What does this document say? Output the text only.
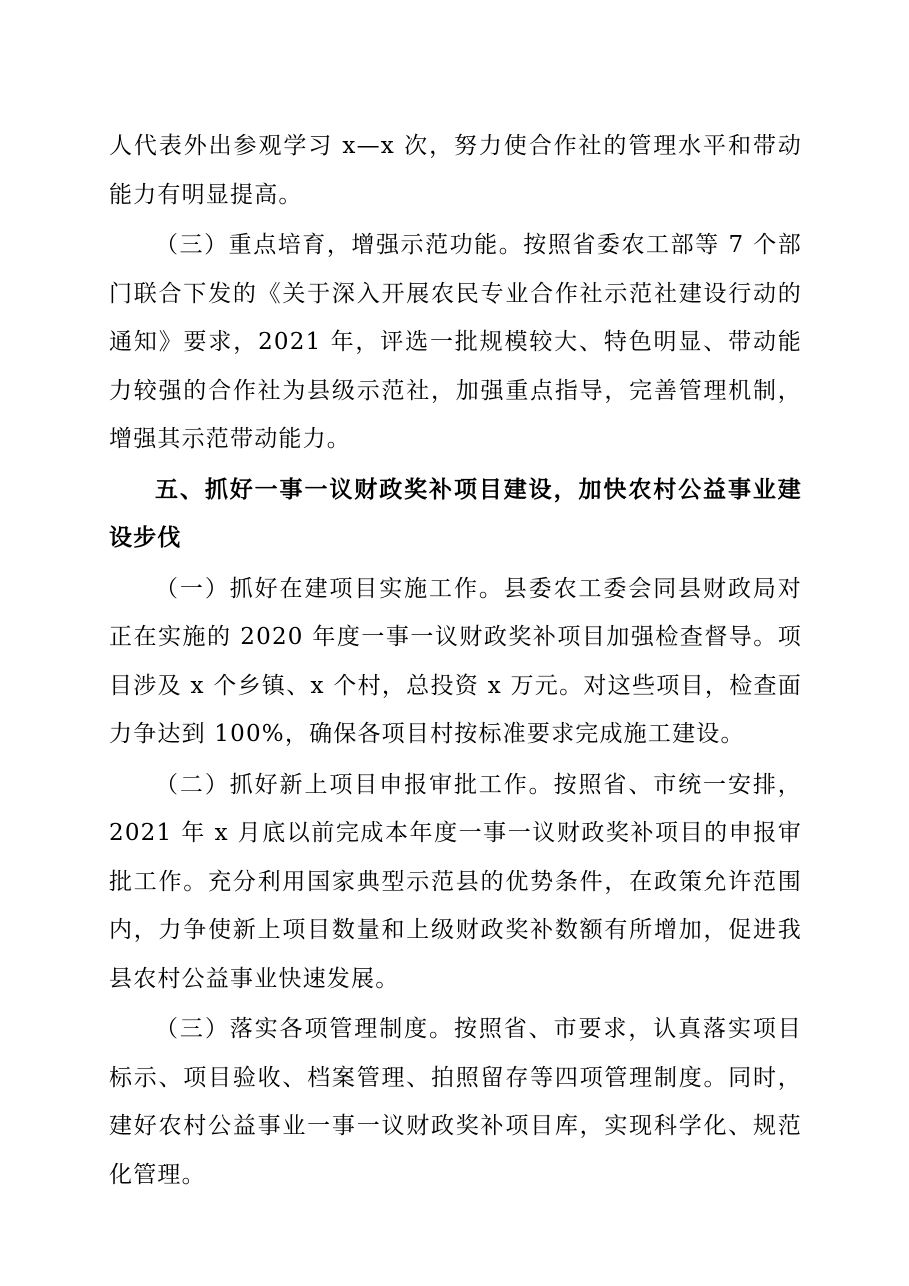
人代表外出参观学习 x—x 次，努力使合作社的管理水平和带动能力有明显提高。

（三）重点培育，增强示范功能。按照省委农工部等 7 个部门联合下发的《关于深入开展农民专业合作社示范社建设行动的通知》要求，2021 年，评选一批规模较大、特色明显、带动能力较强的合作社为县级示范社，加强重点指导，完善管理机制，增强其示范带动能力。

五、抓好一事一议财政奖补项目建设，加快农村公益事业建设步伐

（一）抓好在建项目实施工作。县委农工委会同县财政局对正在实施的 2020 年度一事一议财政奖补项目加强检查督导。项目涉及 x 个乡镇、x 个村，总投资 x 万元。对这些项目，检查面力争达到 100%，确保各项目村按标准要求完成施工建设。

（二）抓好新上项目申报审批工作。按照省、市统一安排，2021 年 x 月底以前完成本年度一事一议财政奖补项目的申报审批工作。充分利用国家典型示范县的优势条件，在政策允许范围内，力争使新上项目数量和上级财政奖补数额有所增加，促进我县农村公益事业快速发展。

（三）落实各项管理制度。按照省、市要求，认真落实项目标示、项目验收、档案管理、拍照留存等四项管理制度。同时，建好农村公益事业一事一议财政奖补项目库，实现科学化、规范化管理。
